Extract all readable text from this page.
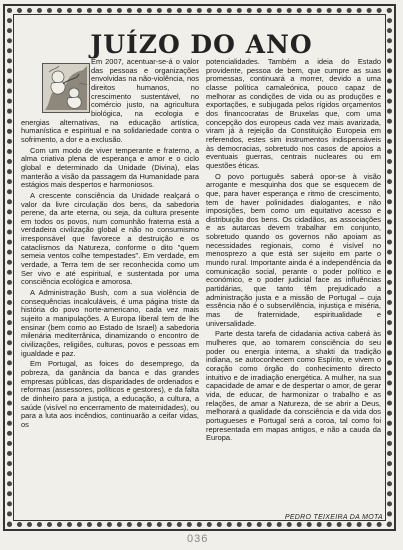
JUÍZO DO ANO

Em 2007, acentuar-se-á o valor das pessoas e organizações envolvidas na não-violência, nos direitos humanos, no crescimento sustentável, no comércio justo, na agricultura biológica, na ecologia e energias alternativas, na educação artística, humanística e espiritual e na solidariedade contra o sofrimento, a dor e a exclusão.

Com um modo de viver temperante e fraterno, a alma criativa plena de esperança e amor e o ciclo global e determinado da Unidade (Divina), elas manterão a visão da passagem da Humanidade para estágios mais despertos e harmoniosos.

A crescente consciência da Unidade realçará o valor da livre circulação dos bens, da sabedoria perene, da arte eterna, ou seja, da cultura presente em todos os povos, num comunhão fraterna está a verdadeira civilização global e não no consumismo irresponsável que favorece a destruição e os cataclismos da Natureza, conforme o dito "quem semeia ventos colhe tempestades". Em verdade, em verdade, a Terra tem de ser reconhecida como um Ser vivo e até espiritual, e sustentada por uma consciência ecológica e amorosa.

A Administração Bush, com a sua violência de consequências incalculáveis, é uma página triste da história do povo norte-americano, cada vez mais sujeito a manipulações. A Europa liberal tem de lhe ensinar (bem como ao Estado de Israel) a sabedoria milenária mediterrânica, dinamizando o encontro de civilizações, religiões, culturas, povos e pessoas em igualdade e paz.

Em Portugal, as foices do desemprego, da pobreza, da ganância da banca e das grandes empresas públicas, das disparidades de ordenados e reformas (assessores, políticos e gestores), e da falta de dinheiro para a justiça, a educação, a cultura, a saúde (visível no encerramento de maternidades), ou para a luta aos incêndios, continuarão a ceifar vidas, os

potencialidades. Também a ideia do Estado providente, pessoa de bem, que cumpre as suas promessas, continuará a morrer, devido a uma classe política camaleónica, pouco capaz de melhorar as condições de vida ou as produções e exportações, e subjugada pelos rígidos orçamentos dos financocratas de Bruxelas que, com uma concepção dos europeus cada vez mais avarizada, viram já à rejeição da Constituição Europeia em referendos, estes sim instrumentos indispensáveis às democracias, sobretudo nos casos de apoios a eventuais guerras, centrais nucleares ou em questões éticas.

O povo português saberá opor-se à visão arrogante e mesquinha dos que se esquecem de que, para haver esperança e ritmo de crescimento, tem de haver polinidades dialogantes, e não imposições, bem como um equitativo acesso e distribuição dos bens. Os cidadãos, as associações e as autarcas devem trabalhar em conjunto, sobretudo quando os governos não apoiam as necessidades regionais, como é visível no menosprezo a que está ser sujeito em parte o mundo rural. Importante ainda é a independência da comunicação social, perante o poder político e económico, e o poder judicial face as influências partidárias, que tanto têm prejudicado a administração justa e a missão de Portugal – cuja essência não é o subservilência, injustiça e miséria, mas de fraternidade, espiritualidade e universalidade.

Parte desta tarefa de cidadania activa caberá às mulheres que, ao tomarem consciência do seu poder ou energia interna, a shakti da tradição indiana, se autoconhecem como Espírito, e vivem o coração como órgão do conhecimento directo intuitivo e de irradiação energética. A mulher, na sua capacidade de amar e de despertar o amor, de gerar vida, de educar, de harmonizar o trabalho e as relações, de amar a Natureza, de se abrir a Deus, melhorará a qualidade da consciência e da vida dos portugueses e Portugal será a coroa, tal como foi representada em mapas antigos, e não a cauda da Europa.

PEDRO TEIXEIRA DA MOTA
036
